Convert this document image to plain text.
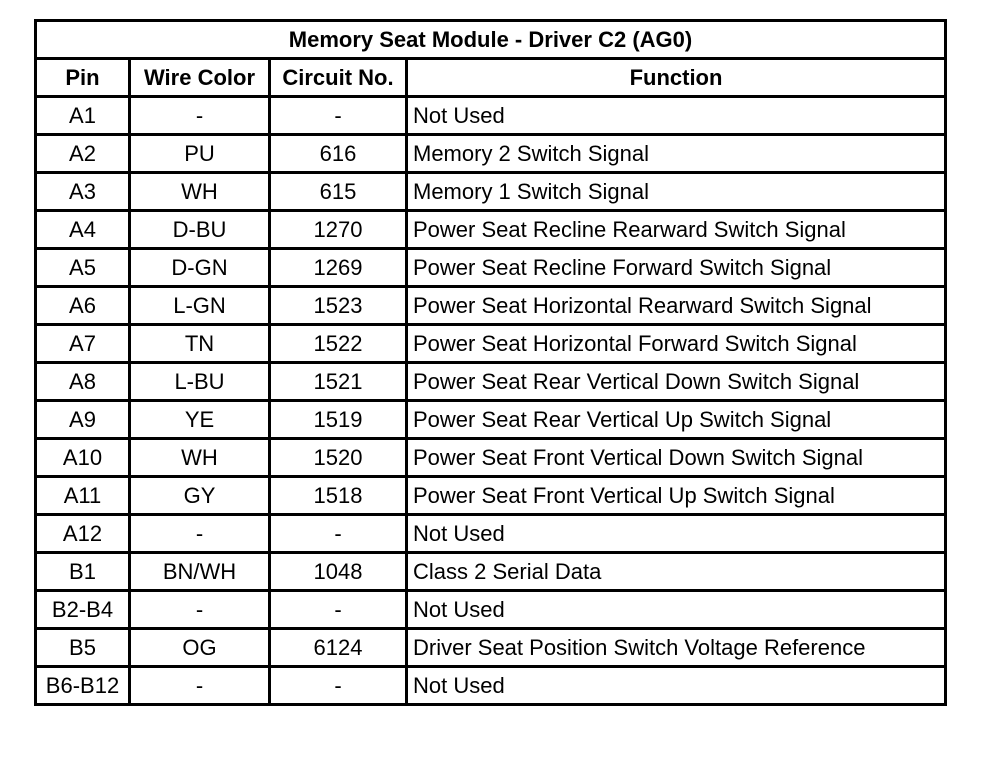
Memory Seat Module - Driver C2 (AG0)			
Pin	Wire Color	Circuit No.	Function
A1	-	-	Not Used
A2	PU	616	Memory 2 Switch Signal
A3	WH	615	Memory 1 Switch Signal
A4	D-BU	1270	Power Seat Recline Rearward Switch Signal
A5	D-GN	1269	Power Seat Recline Forward Switch Signal
A6	L-GN	1523	Power Seat Horizontal Rearward Switch Signal
A7	TN	1522	Power Seat Horizontal Forward Switch Signal
A8	L-BU	1521	Power Seat Rear Vertical Down Switch Signal
A9	YE	1519	Power Seat Rear Vertical Up Switch Signal
A10	WH	1520	Power Seat Front Vertical Down Switch Signal
A11	GY	1518	Power Seat Front Vertical Up Switch Signal
A12	-	-	Not Used
B1	BN/WH	1048	Class 2 Serial Data
B2-B4	-	-	Not Used
B5	OG	6124	Driver Seat Position Switch Voltage Reference
B6-B12	-	-	Not Used
